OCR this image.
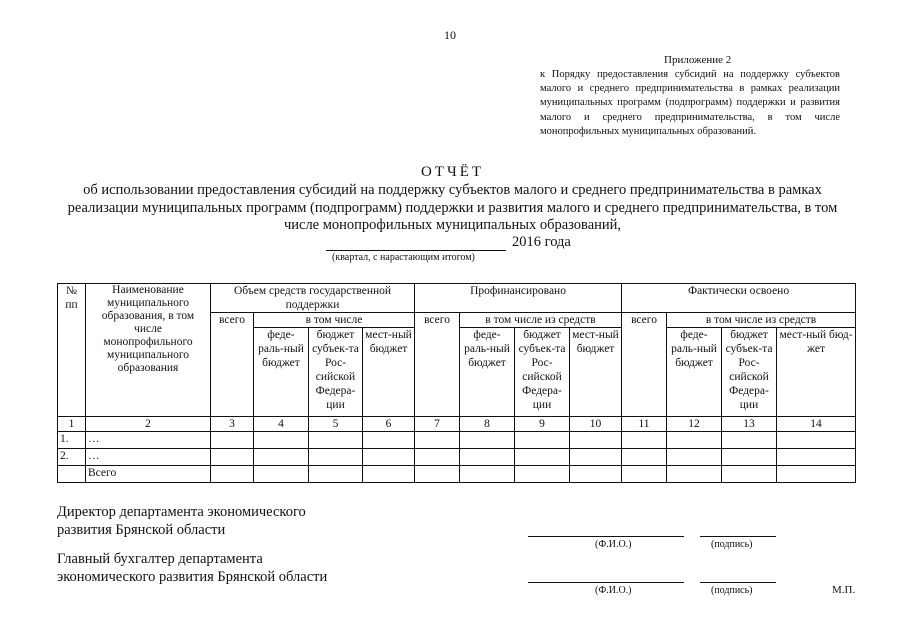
10
Приложение 2
к Порядку предоставления субсидий на поддержку субъектов малого и среднего предпринимательства в рамках реализации муниципальных программ (подпрограмм) поддержки и развития малого и среднего предпринимательства, в том числе монопрофильных муниципальных образований.
ОТЧЁТ
об использовании предоставления субсидий на поддержку субъектов малого и среднего предпринимательства в рамках реализации муниципальных программ (подпрограмм) поддержки и развития малого и среднего предпринимательства, в том числе монопрофильных муниципальных образований,
2016 года
(квартал, с нарастающим итогом)
№ пп	Наименование муниципального образования, в том числе монопрофильного муниципального образования	Объем средств государственной поддержки				Профинансировано				Фактически освоено			
		всего	в том числе			всего	в том числе из средств			всего	в том числе из средств		
			феде-раль-ный бюджет	бюджет субъек-та Рос-сийской Федера-ции	мест-ный бюджет		феде-раль-ный бюджет	бюджет субъек-та Рос-сийской Федера-ции	мест-ный бюджет		феде-раль-ный бюджет	бюджет субъек-та Рос-сийской Федера-ции	мест-ный бюд-жет
1	2	3	4	5	6	7	8	9	10	11	12	13	14
1.	…												
2.	…												
	Всего												
Директор департамента экономического развития Брянской области
(Ф.И.О.)	(подпись)
Главный бухгалтер департамента экономического развития Брянской области
(Ф.И.О.)	(подпись)	М.П.
